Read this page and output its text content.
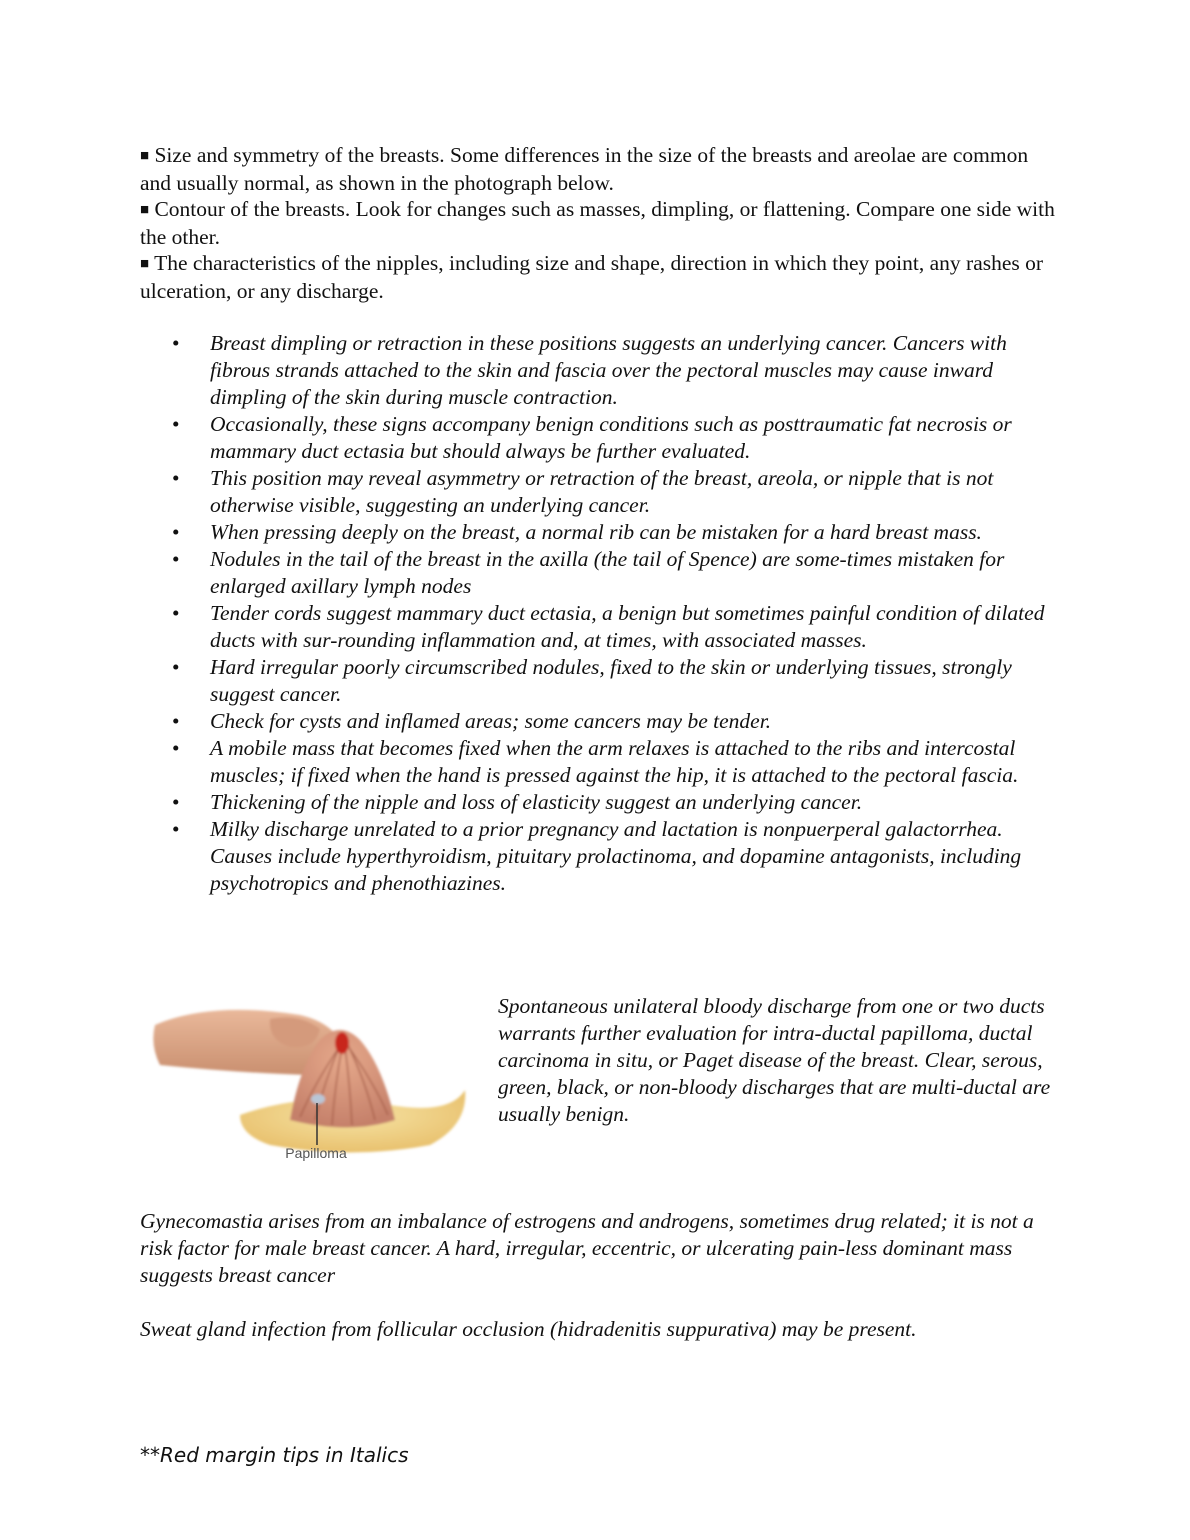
■ Size and symmetry of the breasts. Some differences in the size of the breasts and areolae are common and usually normal, as shown in the photograph below.

■ Contour of the breasts. Look for changes such as masses, dimpling, or flattening. Compare one side with the other.

■ The characteristics of the nipples, including size and shape, direction in which they point, any rashes or ulceration, or any discharge.

• Breast dimpling or retraction in these positions suggests an underlying cancer. Cancers with fibrous strands attached to the skin and fascia over the pectoral muscles may cause inward dimpling of the skin during muscle contraction.
• Occasionally, these signs accompany benign conditions such as posttraumatic fat necrosis or mammary duct ectasia but should always be further evaluated.
• This position may reveal asymmetry or retraction of the breast, areola, or nipple that is not otherwise visible, suggesting an underlying cancer.
• When pressing deeply on the breast, a normal rib can be mistaken for a hard breast mass.
• Nodules in the tail of the breast in the axilla (the tail of Spence) are some-times mistaken for enlarged axillary lymph nodes
• Tender cords suggest mammary duct ectasia, a benign but sometimes painful condition of dilated ducts with sur-rounding inflammation and, at times, with associated masses.
• Hard irregular poorly circumscribed nodules, fixed to the skin or underlying tissues, strongly suggest cancer.
• Check for cysts and inflamed areas; some cancers may be tender.
• A mobile mass that becomes fixed when the arm relaxes is attached to the ribs and intercostal muscles; if fixed when the hand is pressed against the hip, it is attached to the pectoral fascia.
• Thickening of the nipple and loss of elasticity suggest an underlying cancer.
• Milky discharge unrelated to a prior pregnancy and lactation is nonpuerperal galactorrhea. Causes include hyperthyroidism, pituitary prolactinoma, and dopamine antagonists, including psychotropics and phenothiazines.
Papilloma

Spontaneous unilateral bloody discharge from one or two ducts warrants further evaluation for intra-ductal papilloma, ductal carcinoma in situ, or Paget disease of the breast. Clear, serous, green, black, or non-bloody discharges that are multi-ductal are usually benign.

Gynecomastia arises from an imbalance of estrogens and androgens, sometimes drug related; it is not a risk factor for male breast cancer. A hard, irregular, eccentric, or ulcerating pain-less dominant mass suggests breast cancer

Sweat gland infection from follicular occlusion (hidradenitis suppurativa) may be present.

**Red margin tips in Italics
